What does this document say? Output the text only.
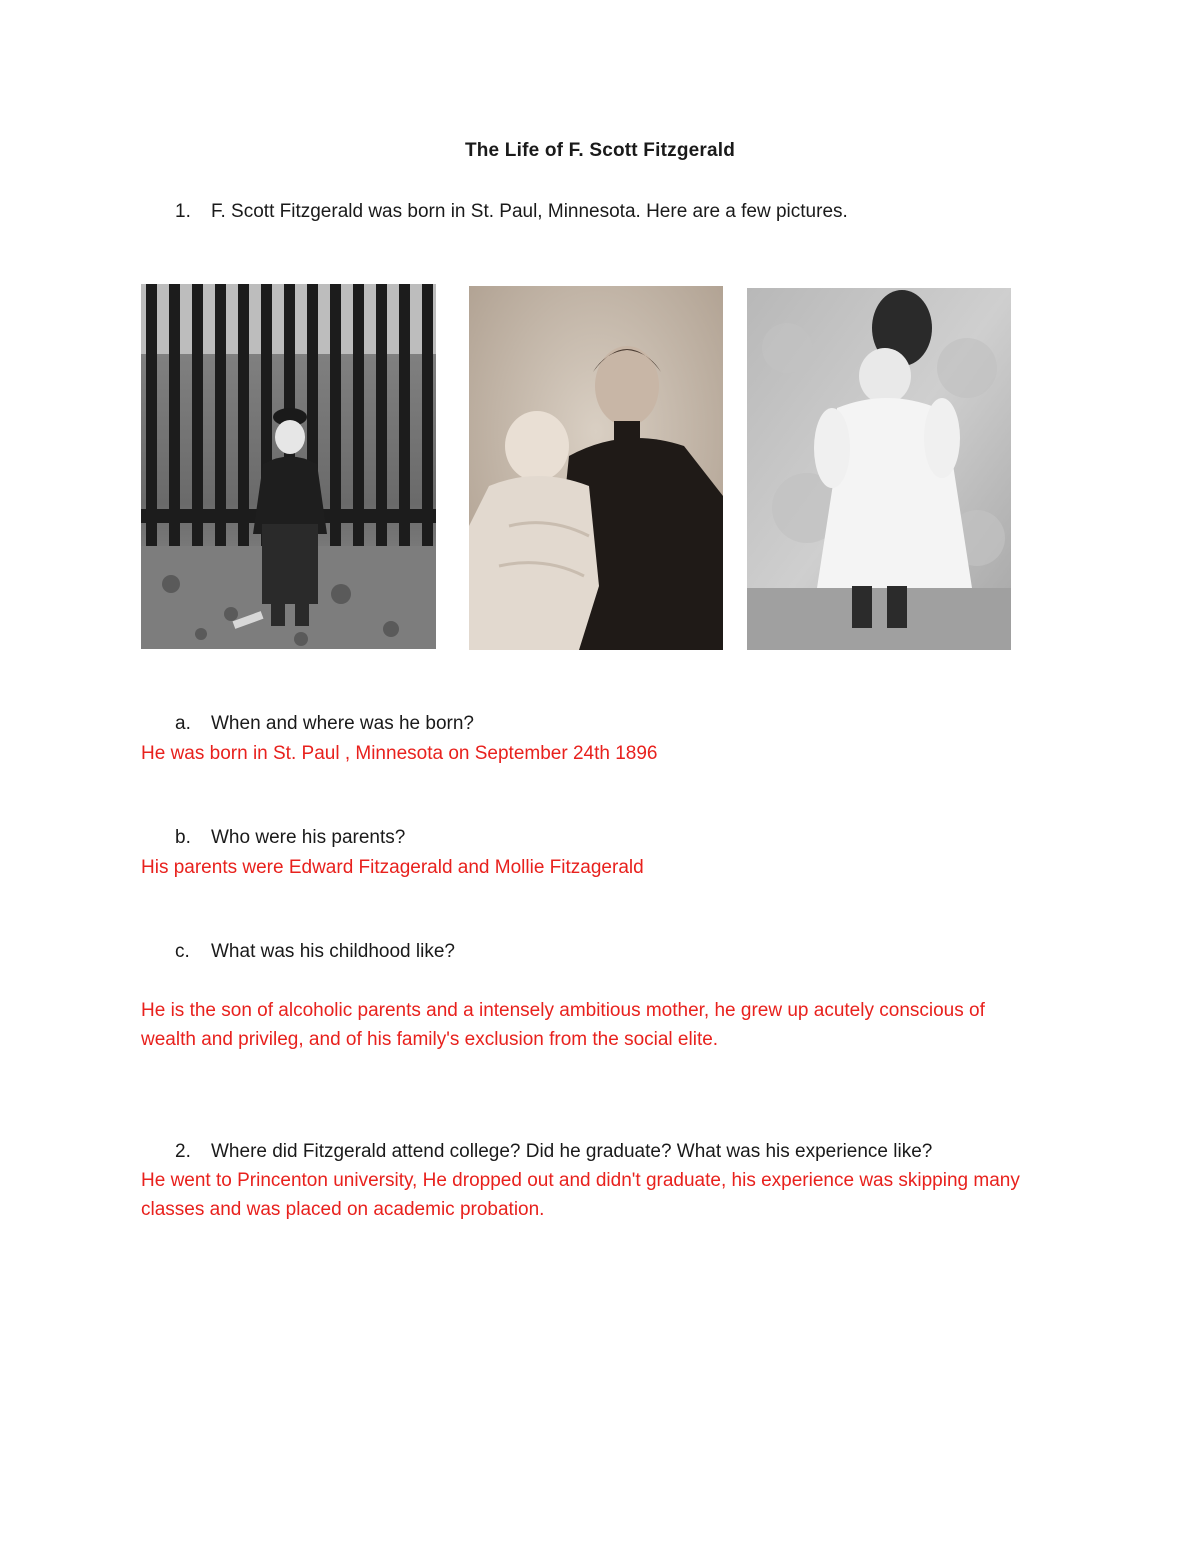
The Life of F. Scott Fitzgerald
1. F. Scott Fitzgerald was born in St. Paul, Minnesota. Here are a few pictures.
a. When and where was he born?
He was born in St. Paul , Minnesota on September 24th 1896
b. Who were his parents?
His parents were Edward Fitzagerald and Mollie Fitzagerald
c. What was his childhood like?
He is the son of alcoholic parents and a intensely ambitious mother, he grew up acutely conscious of wealth and privileg, and of his family's exclusion from the social elite.
2. Where did Fitzgerald attend college? Did he graduate? What was his experience like?
He went to Princenton university, He dropped out and didn't graduate, his experience was skipping many classes and was placed on academic probation.
